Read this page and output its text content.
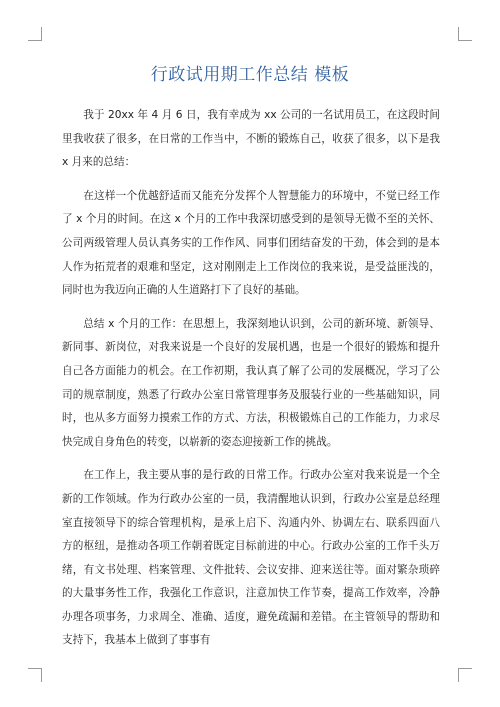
行政试用期工作总结 模板

我于 20xx 年 4 月 6 日，我有幸成为 xx 公司的一名试用员工，在这段时间里我收获了很多，在日常的工作当中，不断的锻炼自己，收获了很多，以下是我 x 月来的总结：

在这样一个优越舒适而又能充分发挥个人智慧能力的环境中，不觉已经工作了 x 个月的时间。在这 x 个月的工作中我深切感受到的是领导无微不至的关怀、公司两级管理人员认真务实的工作作风、同事们团结奋发的干劲，体会到的是本人作为拓荒者的艰难和坚定，这对刚刚走上工作岗位的我来说，是受益匪浅的，同时也为我迈向正确的人生道路打下了良好的基础。

总结 x 个月的工作：在思想上，我深刻地认识到，公司的新环境、新领导、新同事、新岗位，对我来说是一个良好的发展机遇，也是一个很好的锻炼和提升自己各方面能力的机会。在工作初期，我认真了解了公司的发展概况，学习了公司的规章制度，熟悉了行政办公室日常管理事务及服装行业的一些基础知识，同时，也从多方面努力摸索工作的方式、方法，积极锻炼自己的工作能力，力求尽快完成自身角色的转变，以崭新的姿态迎接新工作的挑战。

在工作上，我主要从事的是行政的日常工作。行政办公室对我来说是一个全新的工作领域。作为行政办公室的一员，我清醒地认识到，行政办公室是总经理室直接领导下的综合管理机构，是承上启下、沟通内外、协调左右、联系四面八方的枢纽，是推动各项工作朝着既定目标前进的中心。行政办公室的工作千头万绪，有文书处理、档案管理、文件批转、会议安排、迎来送往等。面对繁杂琐碎的大量事务性工作，我强化工作意识，注意加快工作节奏，提高工作效率，冷静办理各项事务，力求周全、准确、适度，避免疏漏和差错。在主管领导的帮助和支持下，我基本上做到了事事有
